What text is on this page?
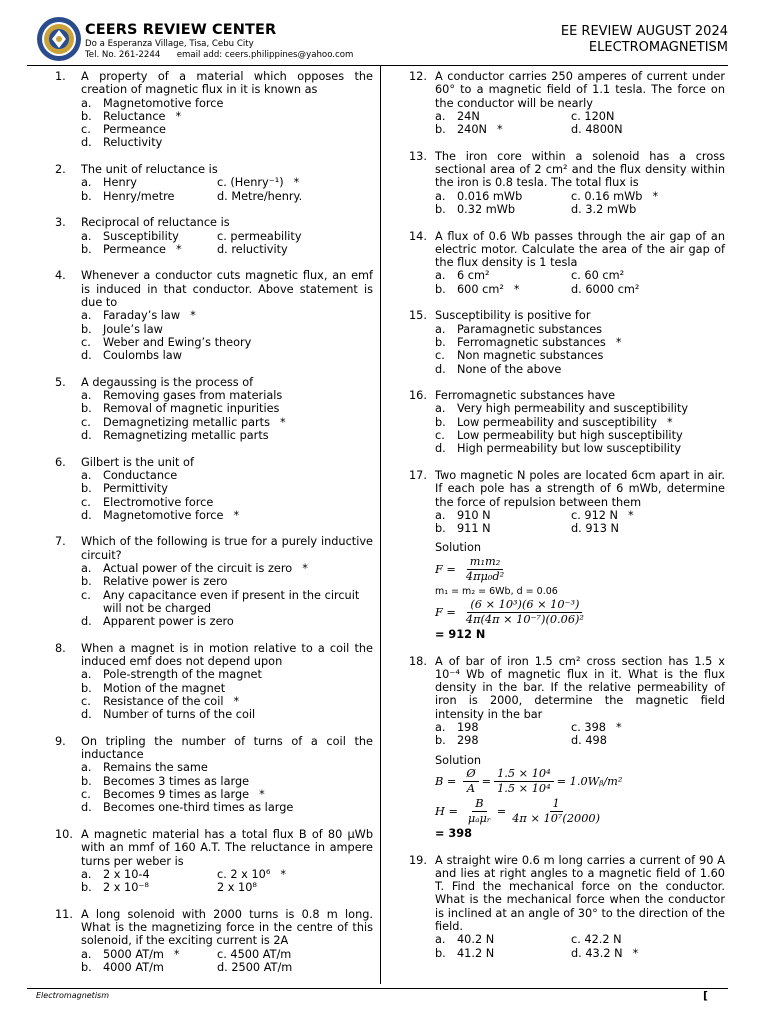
CEERS REVIEW CENTER
Do a Esperanza Village, Tisa, Cebu City
Tel. No. 261-2244      email add: ceers.philippines@yahoo.com
EE REVIEW AUGUST 2024
ELECTROMAGNETISM
1. A property of a material which opposes the creation of magnetic flux in it is known as
a. Magnetomotive force
b. Reluctance *
c. Permeance
d. Reluctivity
2. The unit of reluctance is
a. Henry	c. (Henry⁻¹) *
b. Henry/metre	d. Metre/henry.
3. Reciprocal of reluctance is
a. Susceptibility	c. permeability
b. Permeance *	d. reluctivity
4. Whenever a conductor cuts magnetic flux, an emf is induced in that conductor. Above statement is due to
a. Faraday’s law *
b. Joule’s law
c. Weber and Ewing’s theory
d. Coulombs law
5. A degaussing is the process of
a. Removing gases from materials
b. Removal of magnetic inpurities
c. Demagnetizing metallic parts *
d. Remagnetizing metallic parts
6. Gilbert is the unit of
a. Conductance
b. Permittivity
c. Electromotive force
d. Magnetomotive force *
7. Which of the following is true for a purely inductive circuit?
a. Actual power of the circuit is zero *
b. Relative power is zero
c. Any capacitance even if present in the circuit will not be charged
d. Apparent power is zero
8. When a magnet is in motion relative to a coil the induced emf does not depend upon
a. Pole-strength of the magnet
b. Motion of the magnet
c. Resistance of the coil *
d. Number of turns of the coil
9. On tripling the number of turns of a coil the inductance
a. Remains the same
b. Becomes 3 times as large
c. Becomes 9 times as large *
d. Becomes one-third times as large
10. A magnetic material has a total flux B of 80 μWb with an mmf of 160 A.T. The reluctance in ampere turns per weber is
a. 2 x 10-4	c. 2 x 10⁶ *
b. 2 x 10⁻⁸	2 x 10⁸
11. A long solenoid with 2000 turns is 0.8 m long. What is the magnetizing force in the centre of this solenoid, if the exciting current is 2A
a. 5000 AT/m *	c. 4500 AT/m
b. 4000 AT/m	d. 2500 AT/m
12. A conductor carries 250 amperes of current under 60° to a magnetic field of 1.1 tesla. The force on the conductor will be nearly
a. 24N	c. 120N
b. 240N *	d. 4800N
13. The iron core within a solenoid has a cross sectional area of 2 cm² and the flux density within the iron is 0.8 tesla. The total flux is
a. 0.016 mWb	c. 0.16 mWb *
b. 0.32 mWb	d. 3.2 mWb
14. A flux of 0.6 Wb passes through the air gap of an electric motor. Calculate the area of the air gap of the flux density is 1 tesla
a. 6 cm²	c. 60 cm²
b. 600 cm² *	d. 6000 cm²
15. Susceptibility is positive for
a. Paramagnetic substances
b. Ferromagnetic substances *
c. Non magnetic substances
d. None of the above
16. Ferromagnetic substances have
a. Very high permeability and susceptibility
b. Low permeability and susceptibility *
c. Low permeability but high susceptibility
d. High permeability but low susceptibility
17. Two magnetic N poles are located 6cm apart in air. If each pole has a strength of 6 mWb, determine the force of repulsion between them
a. 910 N	c. 912 N *
b. 911 N	d. 913 N
Solution
$F = \frac{\text{m₁m₂}}{\text{4πμ₀d²}}$
m₁ = m₂ = 6Wb, d = 0.06
$F = \frac{\text{(6 × 10³)(6 × 10⁻³)}}{\text{4π(4π × 10⁻⁷)(0.06)²}}$
= 912 N
18. A of bar of iron 1.5 cm² cross section has 1.5 x 10⁻⁴ Wb of magnetic flux in it. What is the flux density in the bar. If the relative permeability of iron is 2000, determine the magnetic field intensity in the bar
a. 198	c. 398 *
b. 298	d. 498
Solution
$B = \frac{Ø}{A} = \frac{\text{1.5 × 10⁴}}{\text{1.5 × 10⁴}}$ = 1.0Wᵦ/m²
$H = \frac{B}{\text{μₐμᵣ}} = \frac{1}{\text{4π × 10⁷(2000)}}$
= 398
19. A straight wire 0.6 m long carries a current of 90 A and lies at right angles to a magnetic field of 1.60 T. Find the mechanical force on the conductor. What is the mechanical force when the conductor is inclined at an angle of 30° to the direction of the field.
a. 40.2 N	c. 42.2 N
b. 41.2 N	d. 43.2 N *
Electromagnetism	[
